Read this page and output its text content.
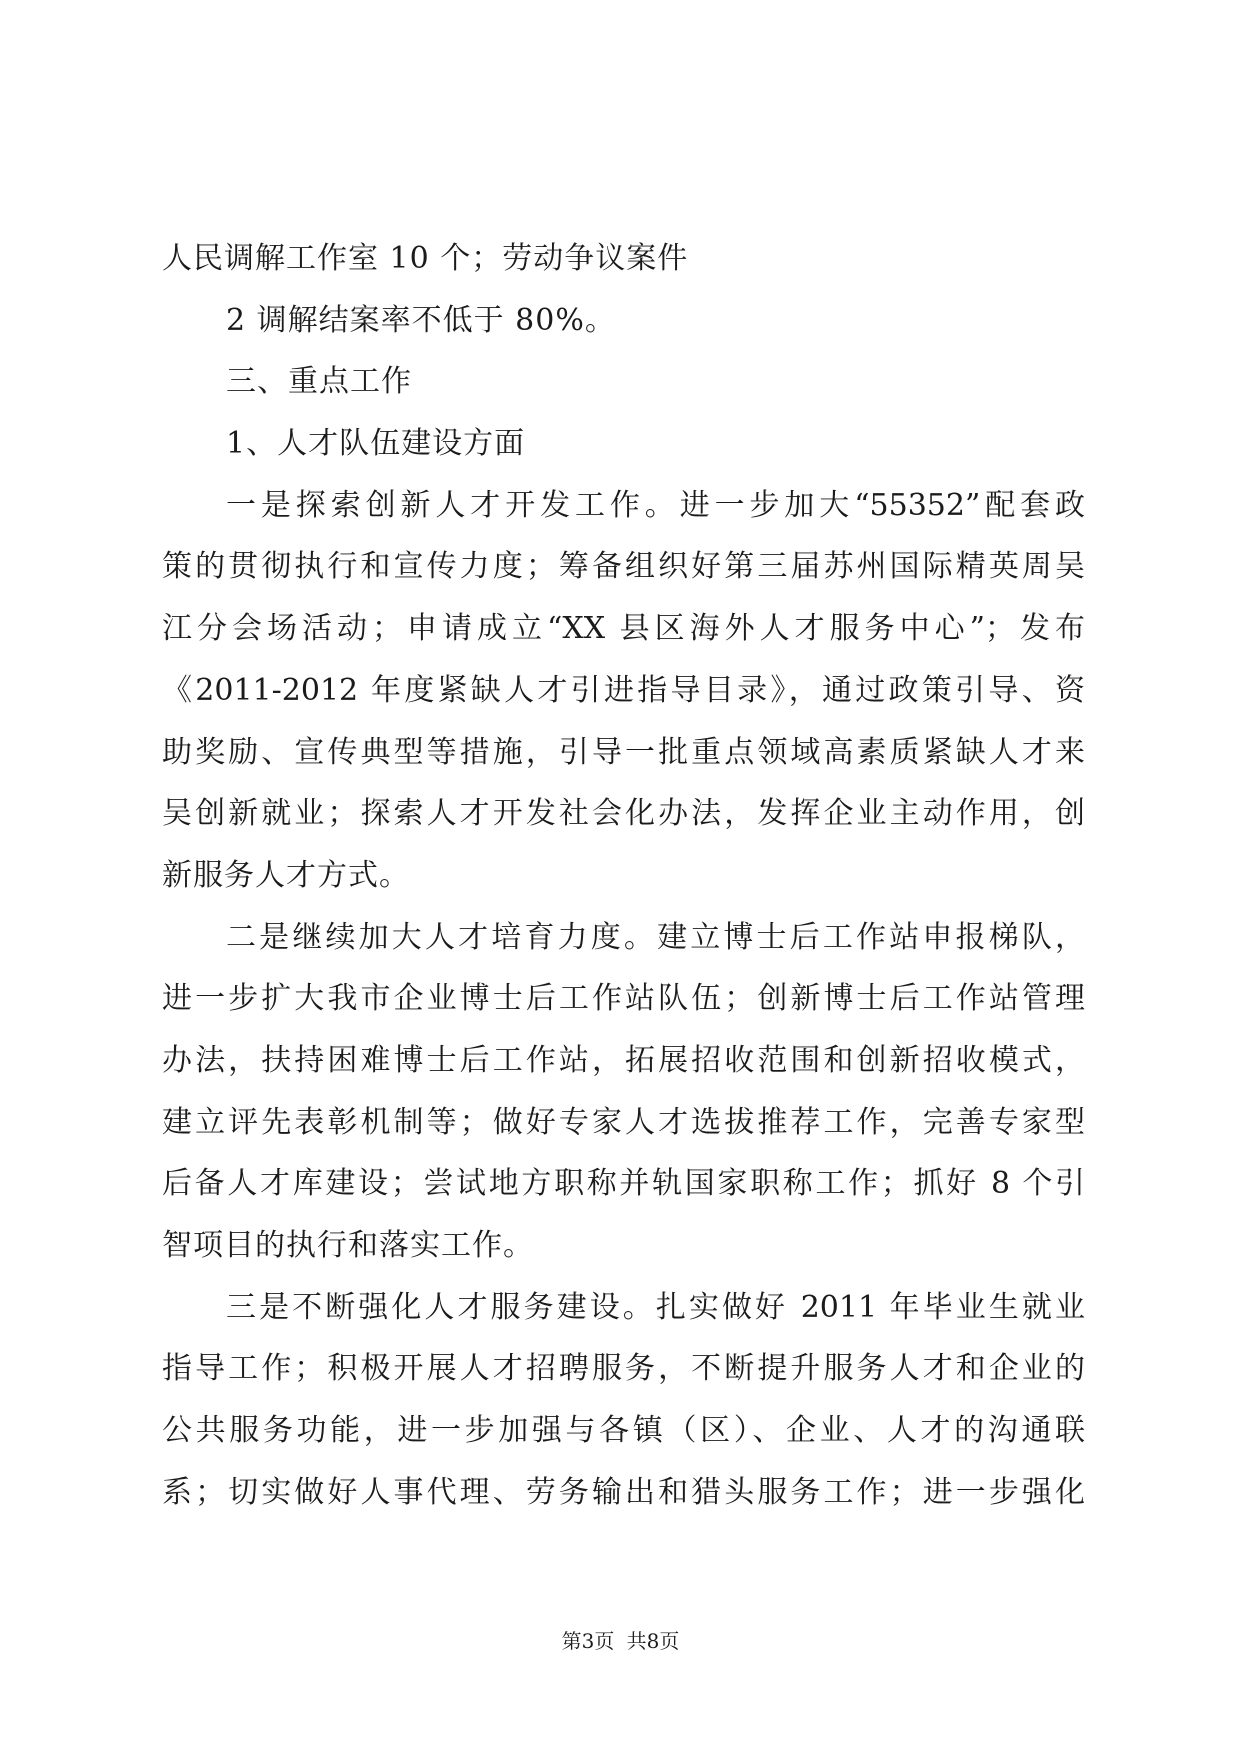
人民调解工作室 10 个；劳动争议案件
2 调解结案率不低于 80%。
三、重点工作
1、人才队伍建设方面
一是探索创新人才开发工作。进一步加大“55352”配套政
策的贯彻执行和宣传力度；筹备组织好第三届苏州国际精英周吴
江分会场活动；申请成立“XX 县区海外人才服务中心”；发布
《2011-2012 年度紧缺人才引进指导目录》，通过政策引导、资
助奖励、宣传典型等措施，引导一批重点领域高素质紧缺人才来
吴创新就业；探索人才开发社会化办法，发挥企业主动作用，创
新服务人才方式。
二是继续加大人才培育力度。建立博士后工作站申报梯队，
进一步扩大我市企业博士后工作站队伍；创新博士后工作站管理
办法，扶持困难博士后工作站，拓展招收范围和创新招收模式，
建立评先表彰机制等；做好专家人才选拔推荐工作，完善专家型
后备人才库建设；尝试地方职称并轨国家职称工作；抓好 8 个引
智项目的执行和落实工作。
三是不断强化人才服务建设。扎实做好 2011 年毕业生就业
指导工作；积极开展人才招聘服务，不断提升服务人才和企业的
公共服务功能，进一步加强与各镇（区）、企业、人才的沟通联
系；切实做好人事代理、劳务输出和猎头服务工作；进一步强化
第3页 共8页
